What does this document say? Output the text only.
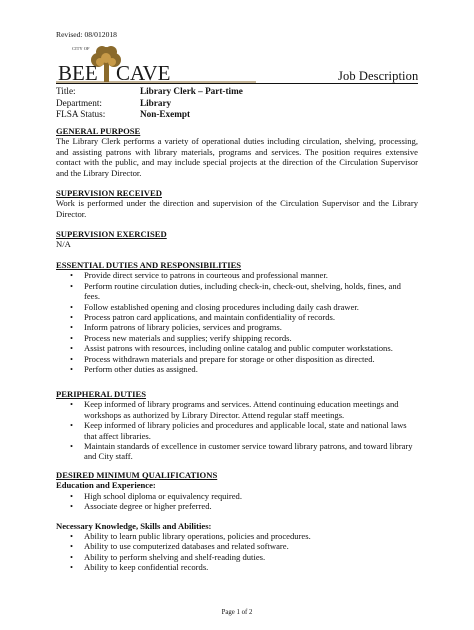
Revised: 08/012018
BEE CAVE
CITY OF
Job Description
Title:	Library Clerk – Part-time
Department:	Library
FLSA Status:	Non-Exempt
GENERAL PURPOSE
The Library Clerk performs a variety of operational duties including circulation, shelving, processing, and assisting patrons with library materials, programs and services. The position requires extensive contact with the public, and may include special projects at the direction of the Circulation Supervisor and the Library Director.
SUPERVISION RECEIVED
Work is performed under the direction and supervision of the Circulation Supervisor and the Library Director.
SUPERVISION EXERCISED
N/A
ESSENTIAL DUTIES AND RESPONSIBILITIES
• Provide direct service to patrons in courteous and professional manner.
• Perform routine circulation duties, including check-in, check-out, shelving, holds, fines, and fees.
• Follow established opening and closing procedures including daily cash drawer.
• Process patron card applications, and maintain confidentiality of records.
• Inform patrons of library policies, services and programs.
• Process new materials and supplies; verify shipping records.
• Assist patrons with resources, including online catalog and public computer workstations.
• Process withdrawn materials and prepare for storage or other disposition as directed.
• Perform other duties as assigned.
PERIPHERAL DUTIES
• Keep informed of library programs and services. Attend continuing education meetings and workshops as authorized by Library Director. Attend regular staff meetings.
• Keep informed of library policies and procedures and applicable local, state and national laws that affect libraries.
• Maintain standards of excellence in customer service toward library patrons, and toward library and City staff.
DESIRED MINIMUM QUALIFICATIONS
Education and Experience:
• High school diploma or equivalency required.
• Associate degree or higher preferred.
Necessary Knowledge, Skills and Abilities:
• Ability to learn public library operations, policies and procedures.
• Ability to use computerized databases and related software.
• Ability to perform shelving and shelf-reading duties.
• Ability to keep confidential records.
Page 1 of 2
